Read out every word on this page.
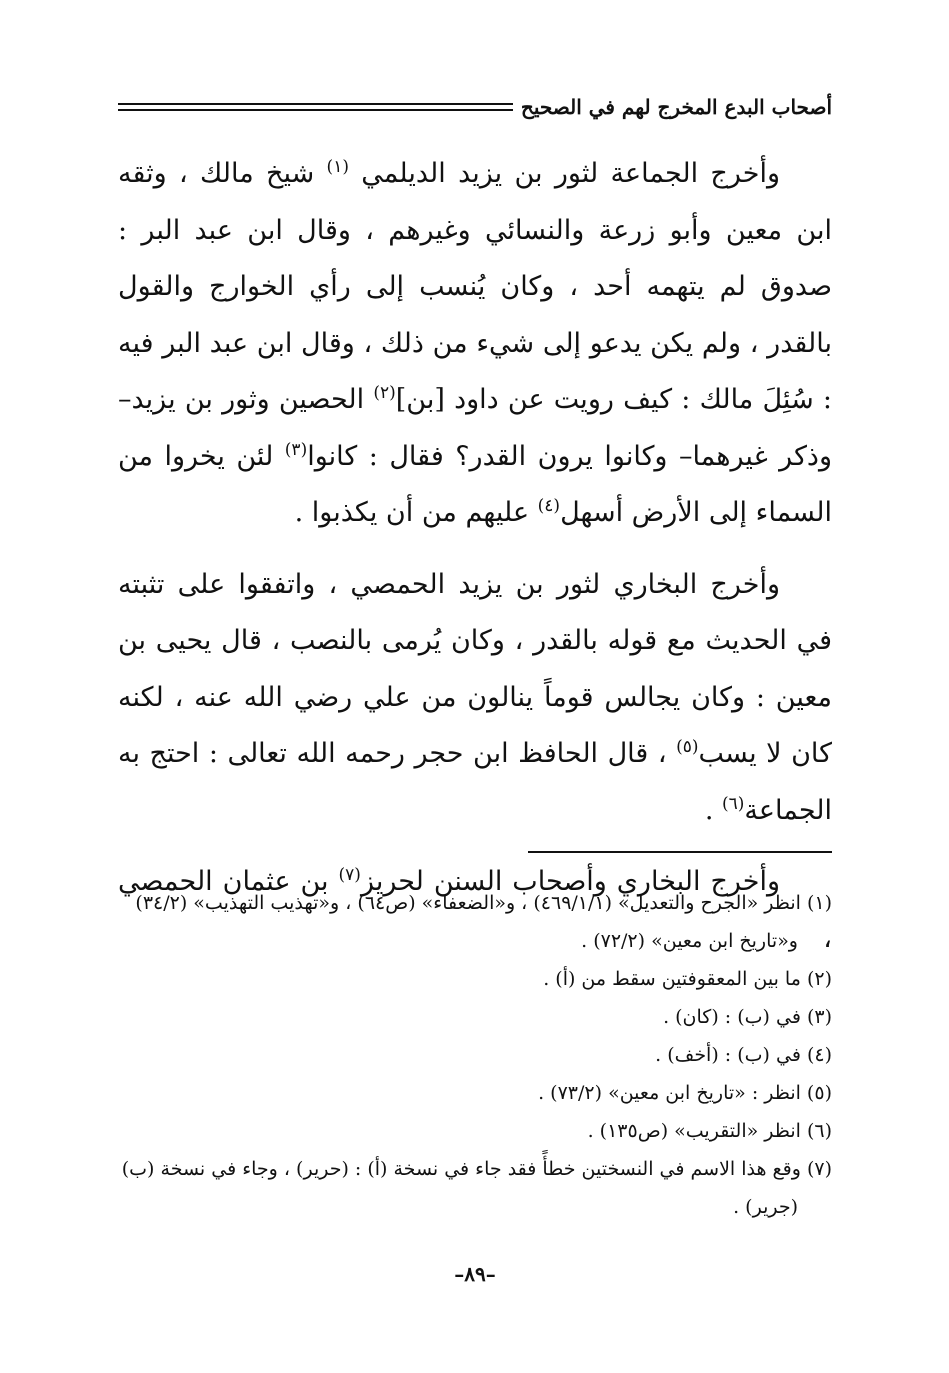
أصحاب البدع المخرج لهم في الصحيح

وأخرج الجماعة لثور بن يزيد الديلمي $^{(١)}$ شيخ مالك ، وثقه ابن معين وأبو زرعة والنسائي وغيرهم ، وقال ابن عبد البر : صدوق لم يتهمه أحد ، وكان يُنسب إلى رأي الخوارج والقول بالقدر ، ولم يكن يدعو إلى شيء من ذلك ، وقال ابن عبد البر فيه : سُئِلَ مالك : كيف رويت عن داود [بن]$^{(٢)}$ الحصين وثور بن يزيد– وذكر غيرهما– وكانوا يرون القدر؟ فقال : كانوا$^{(٣)}$ لئن يخروا من السماء إلى الأرض أسهل$^{(٤)}$ عليهم من أن يكذبوا .

وأخرج البخاري لثور بن يزيد الحمصي ، واتفقوا على تثبته في الحديث مع قوله بالقدر ، وكان يُرمى بالنصب ، قال يحيى بن معين : وكان يجالس قوماً ينالون من علي رضي الله عنه ، لكنه كان لا يسب$^{(٥)}$ ، قال الحافظ ابن حجر رحمه الله تعالى : احتج به الجماعة$^{(٦)}$ .

وأخرج البخاري وأصحاب السنن لحريز$^{(٧)}$ بن عثمان الحمصي ،

(١) انظر «الجرح والتعديل» (٤٦٩/١/١) ، و«الضعفاء» (ص٦٤) ، و«تهذيب التهذيب» (٣٤/٢) و«تاريخ ابن معين» (٧٢/٢) .

(٢) ما بين المعقوفتين سقط من (أ) .

(٣) في (ب) : (كان) .

(٤) في (ب) : (أخف) .

(٥) انظر : «تاريخ ابن معين» (٧٣/٢) .

(٦) انظر «التقريب» (ص١٣٥) .

(٧) وقع هذا الاسم في النسختين خطأً فقد جاء في نسخة (أ) : (حرير) ، وجاء في نسخة (ب) (جرير) .

–٨٩–
